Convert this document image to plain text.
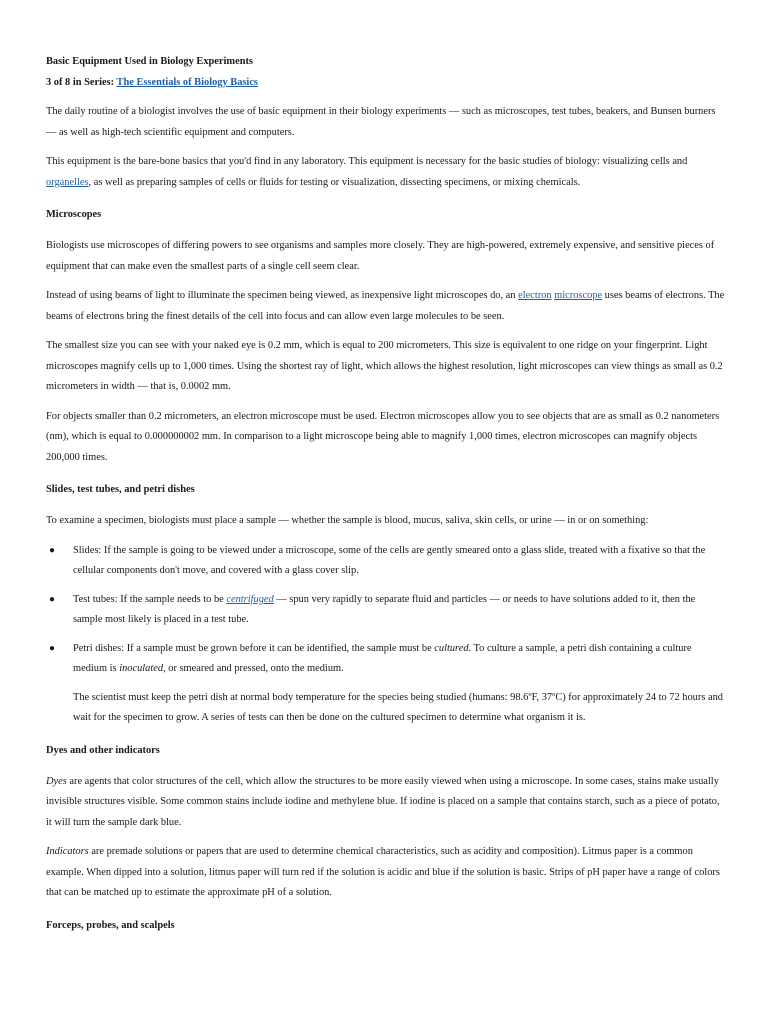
Basic Equipment Used in Biology Experiments

3 of 8 in Series: The Essentials of Biology Basics

The daily routine of a biologist involves the use of basic equipment in their biology experiments — such as microscopes, test tubes, beakers, and Bunsen burners — as well as high-tech scientific equipment and computers.

This equipment is the bare-bone basics that you'd find in any laboratory. This equipment is necessary for the basic studies of biology: visualizing cells and organelles, as well as preparing samples of cells or fluids for testing or visualization, dissecting specimens, or mixing chemicals.

Microscopes

Biologists use microscopes of differing powers to see organisms and samples more closely. They are high-powered, extremely expensive, and sensitive pieces of equipment that can make even the smallest parts of a single cell seem clear.

Instead of using beams of light to illuminate the specimen being viewed, as inexpensive light microscopes do, an electron microscope uses beams of electrons. The beams of electrons bring the finest details of the cell into focus and can allow even large molecules to be seen.

The smallest size you can see with your naked eye is 0.2 mm, which is equal to 200 micrometers. This size is equivalent to one ridge on your fingerprint. Light microscopes magnify cells up to 1,000 times. Using the shortest ray of light, which allows the highest resolution, light microscopes can view things as small as 0.2 micrometers in width — that is, 0.0002 mm.

For objects smaller than 0.2 micrometers, an electron microscope must be used. Electron microscopes allow you to see objects that are as small as 0.2 nanometers (nm), which is equal to 0.000000002 mm. In comparison to a light microscope being able to magnify 1,000 times, electron microscopes can magnify objects 200,000 times.

Slides, test tubes, and petri dishes

To examine a specimen, biologists must place a sample — whether the sample is blood, mucus, saliva, skin cells, or urine — in or on something:

● Slides: If the sample is going to be viewed under a microscope, some of the cells are gently smeared onto a glass slide, treated with a fixative so that the cellular components don't move, and covered with a glass cover slip.
● Test tubes: If the sample needs to be centrifuged — spun very rapidly to separate fluid and particles — or needs to have solutions added to it, then the sample most likely is placed in a test tube.
● Petri dishes: If a sample must be grown before it can be identified, the sample must be cultured. To culture a sample, a petri dish containing a culture medium is inoculated, or smeared and pressed, onto the medium.

The scientist must keep the petri dish at normal body temperature for the species being studied (humans: 98.6ºF, 37ºC) for approximately 24 to 72 hours and wait for the specimen to grow. A series of tests can then be done on the cultured specimen to determine what organism it is.

Dyes and other indicators

Dyes are agents that color structures of the cell, which allow the structures to be more easily viewed when using a microscope. In some cases, stains make usually invisible structures visible. Some common stains include iodine and methylene blue. If iodine is placed on a sample that contains starch, such as a piece of potato, it will turn the sample dark blue.

Indicators are premade solutions or papers that are used to determine chemical characteristics, such as acidity and composition). Litmus paper is a common example. When dipped into a solution, litmus paper will turn red if the solution is acidic and blue if the solution is basic. Strips of pH paper have a range of colors that can be matched up to estimate the approximate pH of a solution.

Forceps, probes, and scalpels
